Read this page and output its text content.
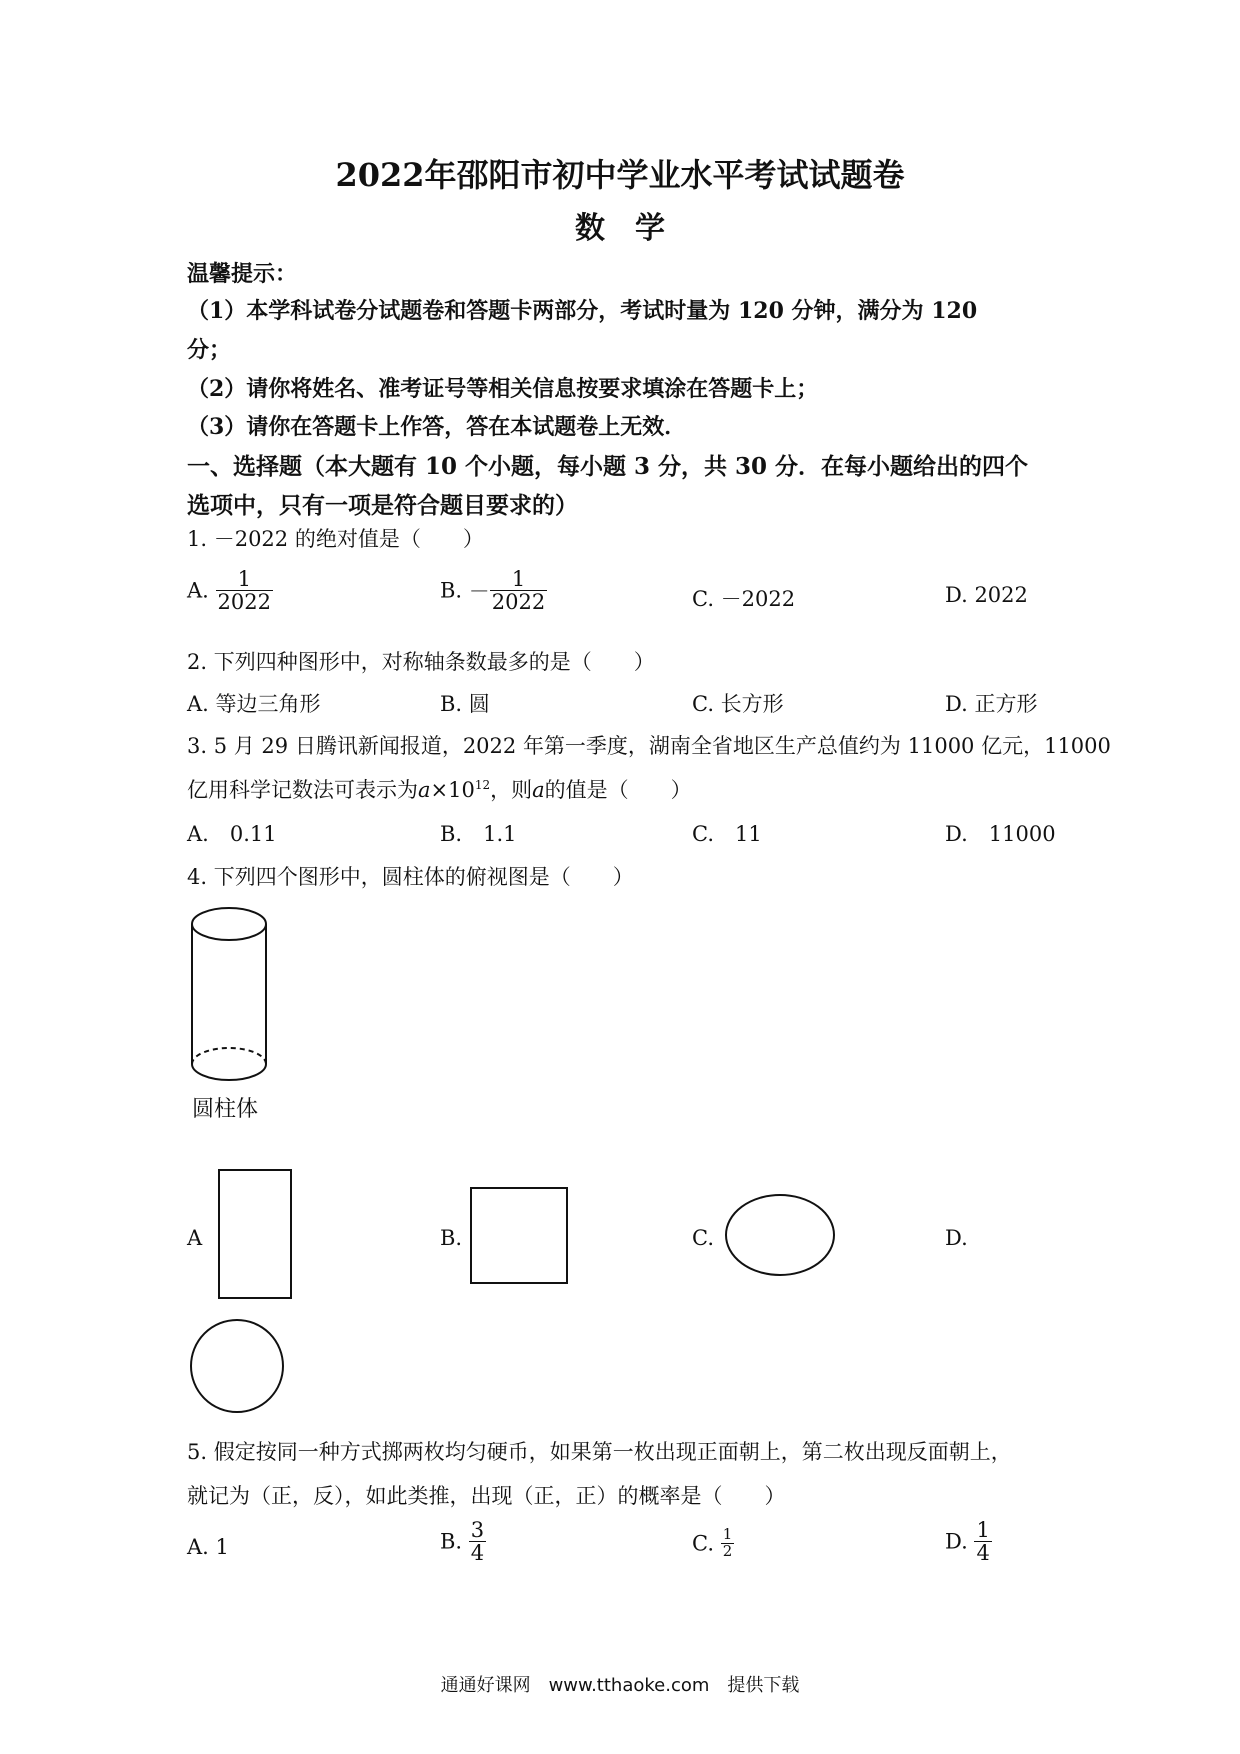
2022年邵阳市初中学业水平考试试题卷
数　学
温馨提示：
（1）本学科试卷分试题卷和答题卡两部分，考试时量为 120 分钟，满分为 120
分；
（2）请你将姓名、准考证号等相关信息按要求填涂在答题卡上；
（3）请你在答题卡上作答，答在本试题卷上无效．
一、选择题（本大题有 10 个小题，每小题 3 分，共 30 分．在每小题给出的四个
选项中，只有一项是符合题目要求的）
1. －2022 的绝对值是（　　）
A. $\frac{1}{2022}$	B. － $\frac{1}{2022}$	C. －2022	D. 2022
2. 下列四种图形中，对称轴条数最多的是（　　）
A. 等边三角形	B. 圆	C. 长方形	D. 正方形
3. 5 月 29 日腾讯新闻报道，2022 年第一季度，湖南全省地区生产总值约为 11000 亿元，11000
亿用科学记数法可表示为$a\times 10^{12}$，则a的值是（　　）
A.　0.11	B.　1.1	C.　11	D.　11000
4. 下列四个图形中，圆柱体的俯视图是（　　）
圆柱体
A	B.	C.	D.
5. 假定按同一种方式掷两枚均匀硬币，如果第一枚出现正面朝上，第二枚出现反面朝上，
就记为（正，反），如此类推，出现（正，正）的概率是（　　）
A. 1	B. $\frac{3}{4}$	C. $\frac{1}{2}$	D. $\frac{1}{4}$
通通好课网　www.tthaoke.com　提供下载
